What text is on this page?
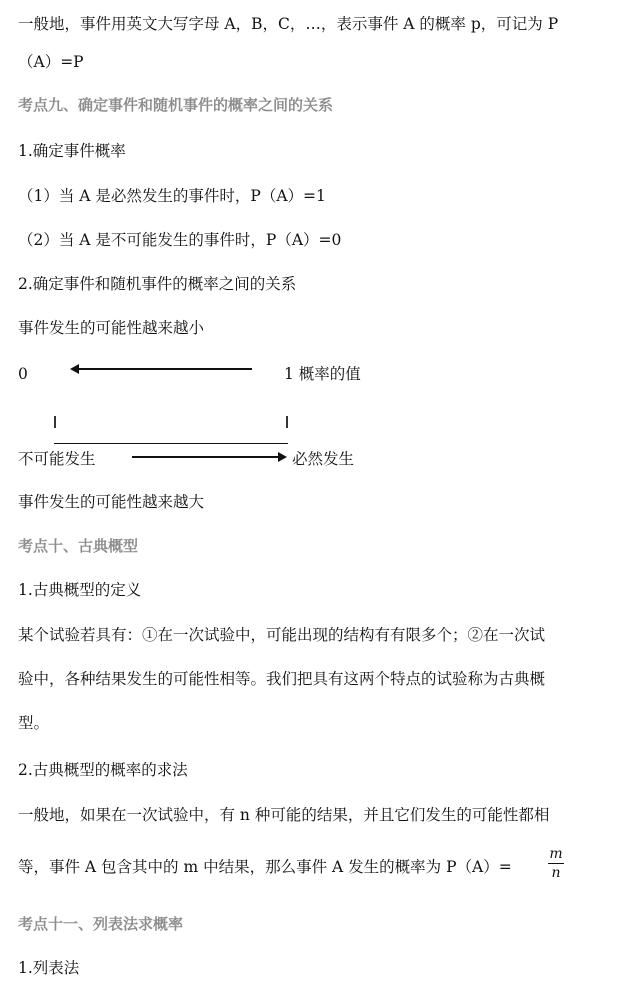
一般地，事件用英文大写字母 A，B，C，…，表示事件 A 的概率 p，可记为 P
（A）=P
考点九、确定事件和随机事件的概率之间的关系
1.确定事件概率
（1）当 A 是必然发生的事件时，P（A）=1
（2）当 A 是不可能发生的事件时，P（A）=0
2.确定事件和随机事件的概率之间的关系
事件发生的可能性越来越小
0	1 概率的值
不可能发生	必然发生
事件发生的可能性越来越大
考点十、古典概型
1.古典概型的定义
某个试验若具有：①在一次试验中，可能出现的结构有有限多个；②在一次试
验中，各种结果发生的可能性相等。我们把具有这两个特点的试验称为古典概
型。
2.古典概型的概率的求法
一般地，如果在一次试验中，有 n 种可能的结果，并且它们发生的可能性都相
等，事件 A 包含其中的 m 中结果，那么事件 A 发生的概率为 P（A）=
m
n
考点十一、列表法求概率
1.列表法
